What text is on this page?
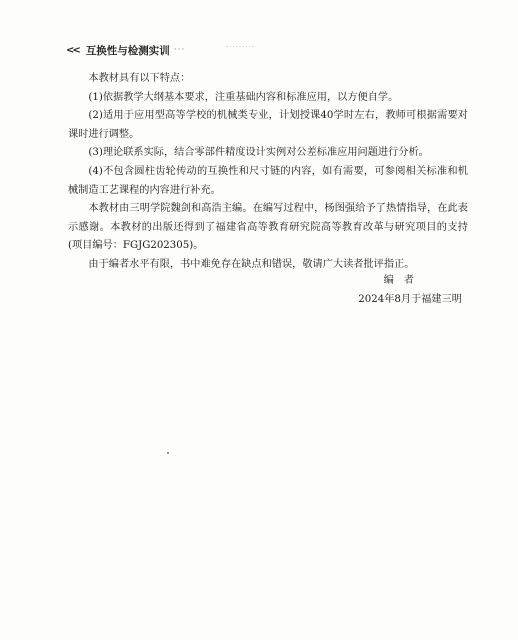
<< 互换性与检测实训 ···	·········

本教材具有以下特点：

(1)依据教学大纲基本要求，注重基础内容和标准应用，以方便自学。

(2)适用于应用型高等学校的机械类专业，计划授课40学时左右，教师可根据需要对课时进行调整。

(3)理论联系实际，结合零部件精度设计实例对公差标准应用问题进行分析。

(4)不包含圆柱齿轮传动的互换性和尺寸链的内容，如有需要，可参阅相关标准和机械制造工艺课程的内容进行补充。

本教材由三明学院魏剑和高浩主编。在编写过程中，杨图强给予了热情指导，在此表示感谢。本教材的出版还得到了福建省高等教育研究院高等教育改革与研究项目的支持(项目编号：FGJG202305)。

由于编者水平有限，书中难免存在缺点和错误，敬请广大读者批评指正。

编者
2024年8月于福建三明
